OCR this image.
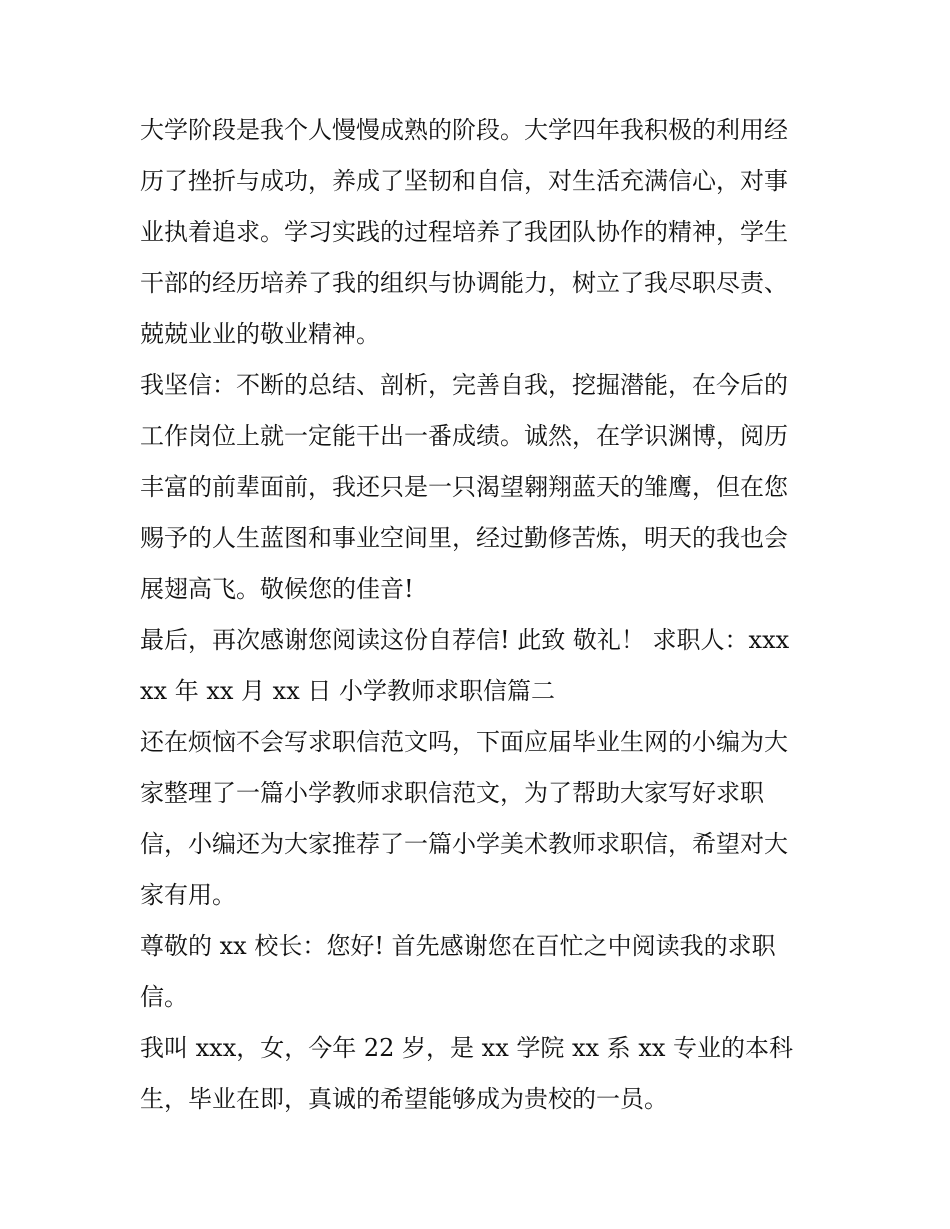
大学阶段是我个人慢慢成熟的阶段。大学四年我积极的利用经
历了挫折与成功，养成了坚韧和自信，对生活充满信心，对事
业执着追求。学习实践的过程培养了我团队协作的精神，学生
干部的经历培养了我的组织与协调能力，树立了我尽职尽责、
兢兢业业的敬业精神。
我坚信：不断的总结、剖析，完善自我，挖掘潜能，在今后的
工作岗位上就一定能干出一番成绩。诚然，在学识渊博，阅历
丰富的前辈面前，我还只是一只渴望翱翔蓝天的雏鹰，但在您
赐予的人生蓝图和事业空间里，经过勤修苦炼，明天的我也会
展翅高飞。敬候您的佳音!
最后，再次感谢您阅读这份自荐信! 此致 敬礼！ 求职人：xxx
xx 年 xx 月 xx 日 小学教师求职信篇二
还在烦恼不会写求职信范文吗，下面应届毕业生网的小编为大
家整理了一篇小学教师求职信范文，为了帮助大家写好求职
信，小编还为大家推荐了一篇小学美术教师求职信，希望对大
家有用。
尊敬的 xx 校长：您好! 首先感谢您在百忙之中阅读我的求职
信。
我叫 xxx，女，今年 22 岁，是 xx 学院 xx 系 xx 专业的本科
生，毕业在即，真诚的希望能够成为贵校的一员。
